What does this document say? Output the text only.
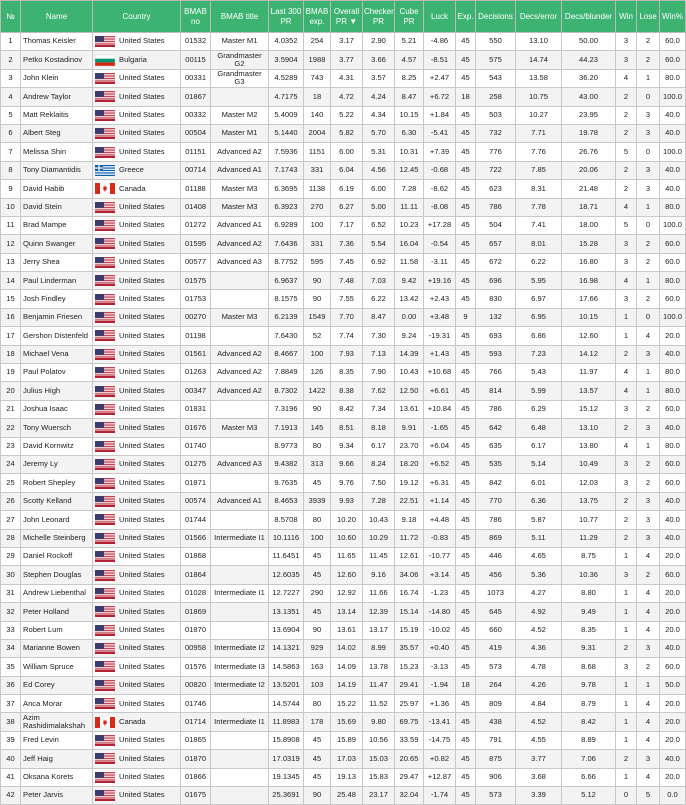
№	Name	Country	BMAB no	BMAB title	Last 300 PR	BMAB exp.	Overall PR ▼	Checker PR	Cube PR	Luck	Exp.	Decisions	Decs/error	Decs/blunder	Win	Lose	Win%
1	Thomas Keisler	United States	01532	Master M1	4.0352	254	3.17	2.90	5.21	-4.86	45	550	13.10	50.00	3	2	60.0
2	Petko Kostadinov	Bulgaria	00115	Grandmaster G2	3.5904	1988	3.77	3.66	4.57	-8.51	45	575	14.74	44.23	3	2	60.0
3	John Klein	United States	00331	Grandmaster G3	4.5289	743	4.31	3.57	8.25	+2.47	45	543	13.58	36.20	4	1	80.0
4	Andrew Taylor	United States	01867		4.7175	18	4.72	4.24	8.47	+6.72	18	258	10.75	43.00	2	0	100.0
5	Matt Reklaitis	United States	00332	Master M2	5.4009	140	5.22	4.34	10.15	+1.84	45	503	10.27	23.95	2	3	40.0
6	Albert Steg	United States	00504	Master M1	5.1440	2004	5.82	5.70	6.30	-5.41	45	732	7.71	19.78	2	3	40.0
7	Melissa Shin	United States	01151	Advanced A2	7.5936	1151	6.00	5.31	10.31	+7.39	45	776	7.76	26.76	5	0	100.0
8	Tony Diamantidis	Greece	00714	Advanced A1	7.1743	331	6.04	4.56	12.45	-0.68	45	722	7.85	20.06	2	3	40.0
9	David Habib	Canada	01188	Master M3	6.3695	1138	6.19	6.00	7.28	-8.62	45	623	8.31	21.48	2	3	40.0
10	David Stein	United States	01408	Master M3	6.3923	270	6.27	5.00	11.11	-8.08	45	786	7.78	18.71	4	1	80.0
11	Brad Mampe	United States	01272	Advanced A1	6.9289	100	7.17	6.52	10.23	+17.28	45	504	7.41	18.00	5	0	100.0
12	Quinn Swanger	United States	01595	Advanced A2	7.6436	331	7.36	5.54	16.04	-0.54	45	657	8.01	15.28	3	2	60.0
13	Jerry Shea	United States	00577	Advanced A3	8.7752	595	7.45	6.92	11.58	-3.11	45	672	6.22	16.80	3	2	60.0
14	Paul Linderman	United States	01575		6.9637	90	7.48	7.03	9.42	+19.16	45	696	5.95	16.98	4	1	80.0
15	Josh Findley	United States	01753		8.1575	90	7.55	6.22	13.42	+2.43	45	830	6.97	17.66	3	2	60.0
16	Benjamin Friesen	United States	00270	Master M3	6.2139	1549	7.70	8.47	0.00	+3.48	9	132	6.95	10.15	1	0	100.0
17	Gershon Distenfeld	United States	01198		7.6430	52	7.74	7.30	9.24	-19.31	45	693	6.86	12.60	1	4	20.0
18	Michael Vena	United States	01561	Advanced A2	8.4667	100	7.93	7.13	14.39	+1.43	45	593	7.23	14.12	2	3	40.0
19	Paul Polatov	United States	01263	Advanced A2	7.8849	126	8.35	7.90	10.43	+10.68	45	766	5.43	11.97	4	1	80.0
20	Julius High	United States	00347	Advanced A2	8.7302	1422	8.38	7.62	12.50	+6.61	45	814	5.99	13.57	4	1	80.0
21	Joshua Isaac	United States	01831		7.3196	90	8.42	7.34	13.61	+10.84	45	786	6.29	15.12	3	2	60.0
22	Tony Wuersch	United States	01676	Master M3	7.1913	145	8.51	8.18	9.91	-1.65	45	642	6.48	13.10	2	3	40.0
23	David Kornwitz	United States	01740		8.9773	80	9.34	6.17	23.70	+6.04	45	635	6.17	13.80	4	1	80.0
24	Jeremy Ly	United States	01275	Advanced A3	9.4382	313	9.66	8.24	18.20	+6.52	45	535	5.14	10.49	3	2	60.0
25	Robert Shepley	United States	01871		9.7635	45	9.76	7.50	19.12	+6.31	45	842	6.01	12.03	3	2	60.0
26	Scotty Kelland	United States	00574	Advanced A1	8.4653	3939	9.93	7.28	22.51	+1.14	45	770	6.36	13.75	2	3	40.0
27	John Leonard	United States	01744		8.5708	80	10.20	10.43	9.18	+4.48	45	786	5.87	10.77	2	3	40.0
28	Michelle Steinberg	United States	01566	Intermediate I1	10.1116	100	10.60	10.29	11.72	-0.83	45	869	5.11	11.29	2	3	40.0
29	Daniel Rockoff	United States	01868		11.6451	45	11.65	11.45	12.61	-10.77	45	446	4.65	8.75	1	4	20.0
30	Stephen Douglas	United States	01864		12.6035	45	12.60	9.16	34.06	+3.14	45	456	5.36	10.36	3	2	60.0
31	Andrew Liebenthal	United States	01028	Intermediate I1	12.7227	290	12.92	11.66	16.74	-1.23	45	1073	4.27	8.80	1	4	20.0
32	Peter Holland	United States	01869		13.1351	45	13.14	12.39	15.14	-14.80	45	645	4.92	9.49	1	4	20.0
33	Robert Lum	United States	01870		13.6904	90	13.61	13.17	15.19	-10.02	45	660	4.52	8.35	1	4	20.0
34	Marianne Bowen	United States	00958	Intermediate I2	14.1321	929	14.02	8.99	35.57	+0.40	45	419	4.36	9.31	2	3	40.0
35	William Spruce	United States	01576	Intermediate I3	14.5863	163	14.09	13.78	15.23	-3.13	45	573	4.78	8.68	3	2	60.0
36	Ed Corey	United States	00820	Intermediate I2	13.5201	103	14.19	11.47	29.41	-1.94	18	264	4.26	9.78	1	1	50.0
37	Anca Morar	United States	01746		14.5744	80	15.22	11.52	25.97	+1.36	45	809	4.84	8.79	1	4	20.0
38	Azim Rashidimalakshah	Canada	01714	Intermediate I1	11.8983	178	15.69	9.80	69.75	-13.41	45	438	4.52	8.42	1	4	20.0
39	Fred Levin	United States	01865		15.8908	45	15.89	10.56	33.59	-14.75	45	791	4.55	8.89	1	4	20.0
40	Jeff Haig	United States	01870		17.0319	45	17.03	15.03	20.65	+0.82	45	875	3.77	7.06	2	3	40.0
41	Oksana Korets	United States	01866		19.1345	45	19.13	15.83	29.47	+12.87	45	906	3.68	6.66	1	4	20.0
42	Peter Jarvis	United States	01675		25.3691	90	25.48	23.17	32.04	-1.74	45	573	3.39	5.12	0	5	0.0
